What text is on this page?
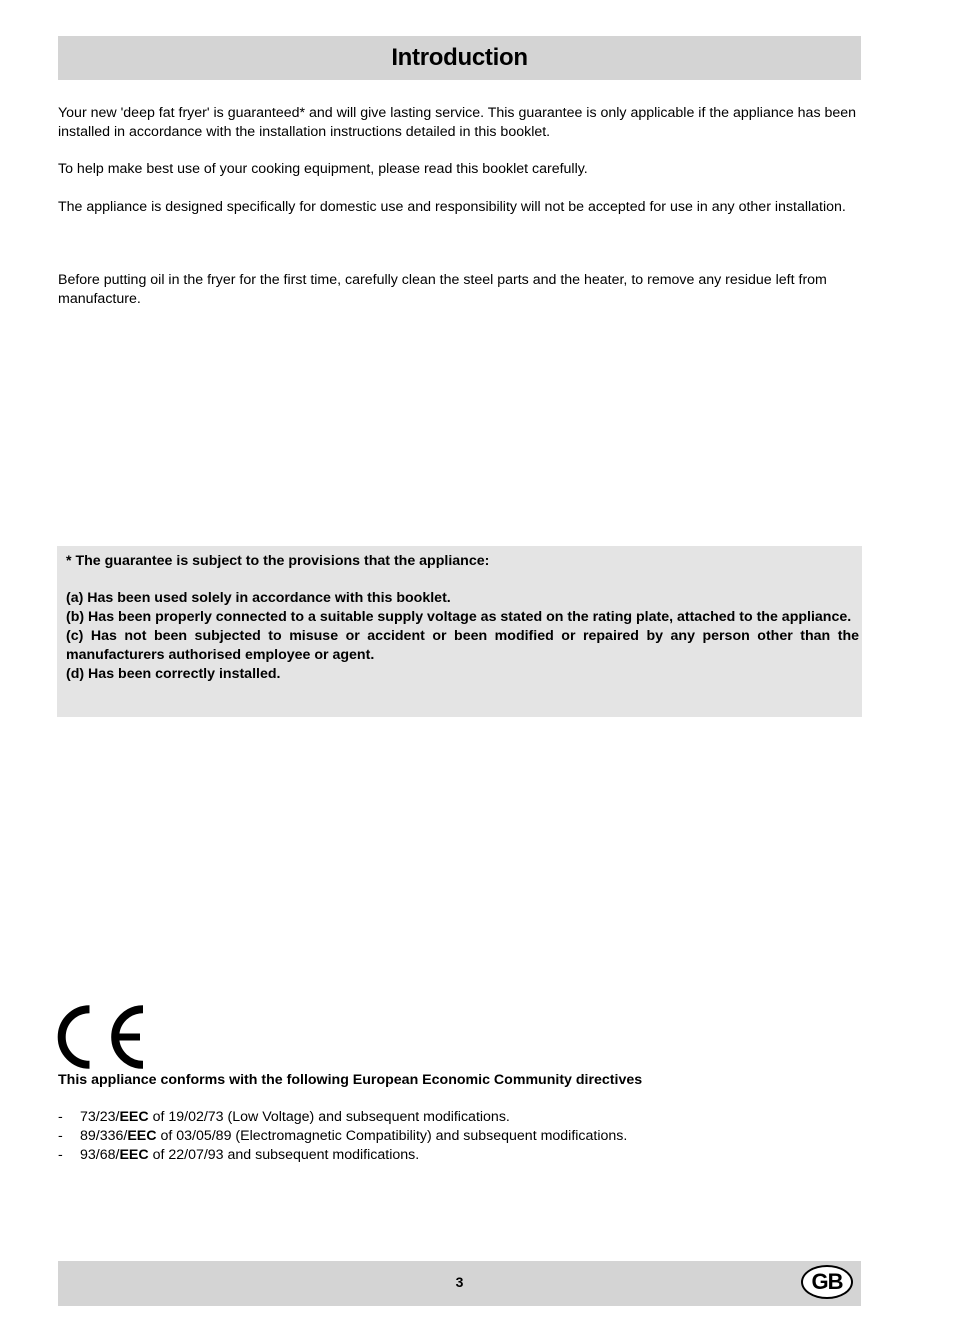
Introduction

Your new 'deep fat fryer' is guaranteed* and will give lasting service. This guarantee is only applicable if the appliance has been installed in accordance with the installation instructions detailed in this booklet.

To help make best use of your cooking equipment, please read this booklet carefully.

The appliance is designed specifically for domestic use and responsibility will not be accepted for use in any other installation.

Before putting oil in the fryer for the first time, carefully clean the steel parts and the heater, to remove any residue left from manufacture.

* The guarantee is subject to the provisions that the appliance:

(a) Has been used solely in accordance with this booklet.

(b) Has been properly connected to a suitable supply voltage as stated on the rating plate, attached to the appliance.

(c) Has not been subjected to misuse or accident or been modified or repaired by any person other than the manufacturers authorised employee or agent.

(d) Has been correctly installed.

This appliance conforms with the following European Economic Community directives

-	73/23/EEC of 19/02/73 (Low Voltage) and subsequent modifications.
-	89/336/EEC of 03/05/89 (Electromagnetic Compatibility) and subsequent modifications.
-	93/68/EEC of 22/07/93 and subsequent modifications.
3	GB
